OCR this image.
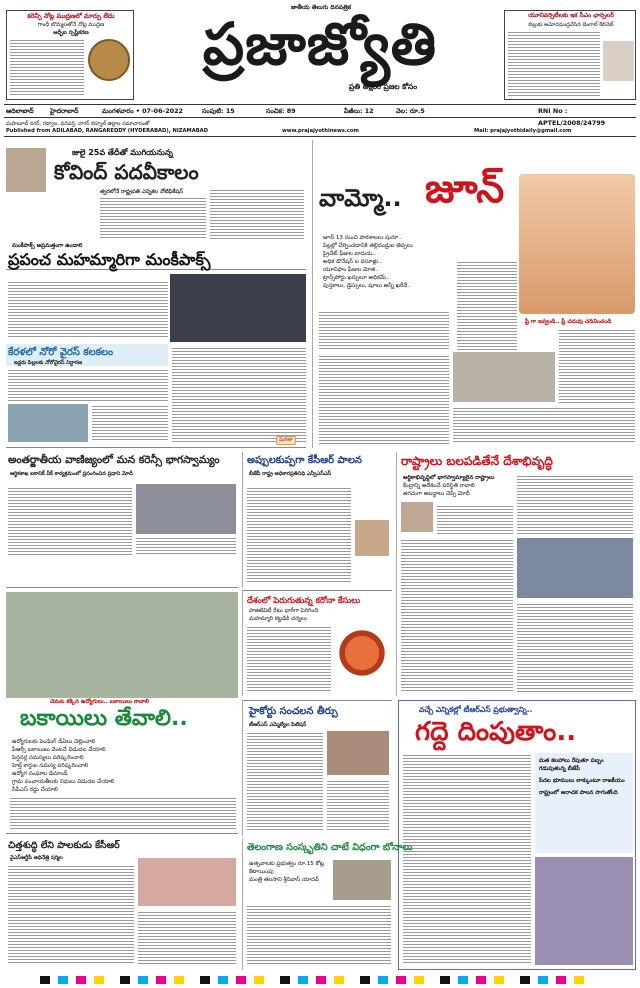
కరెన్సీ నోట్ల ముద్రణలో మార్పు లేదు
గాంధీ బొమ్మలతోనే నోట్ల ముద్రణ
ఆర్బీఐ స్పష్టీకరణ
జాతీయ తెలుగు దినపత్రిక
ప్రజాజ్యోతి
ప్రతి అక్షరం ప్రజల కోసం
యూనివర్సిటీలకు ఇక సీఎం ఛాన్సలర్
బిల్లుకు ఆమోదముద్రవేసిన బెంగాల్ కేబినెట్
ఆదిలాబాద్	హైదరాబాద్	మంగళవారం • 07-06-2022	సంపుటి: 15	సంచిక: 89	పేజీలు: 12	వెల: రూ.5	RNI No : APTEL/2008/24799
మహబూబ్ నగర్, గద్వాల, వనపర్తి, నాగర్ కర్నూల్ జిల్లాల సమాచారంతో
Published from ADILABAD, RANGAREDDY (HYDERABAD), NIZAMABAD	www.prajajyothinews.com	Mail: prajajyothidaily@gmail.com
జులై 25వ తేదీతో ముగియనున్న
కోవింద్ పదవీకాలం
త్వరలోనే రాష్ట్రపతి ఎన్నికల నోటిఫికేషన్
మంకీపాక్స్ అప్రమత్తంగా ఉండాలి
ప్రపంచ మహమ్మారిగా మంకీపాక్స్
కేరళలో నోరో వైరస్ కలకలం
ఇద్దరు పిల్లలకు నోరోవైరస్ నిర్ధారణ
మిగతా
వామ్మో.. జూన్
జూన్ 13 నుంచి పాఠశాలలు షురూ..
పిల్లల్లో చేర్పించడానికి తల్లిదండ్రుల తిప్పలు
ప్రైవేట్ ఫీజుల బాదుడు..
అధిక డొనేషన్ ల వసూళ్లు..
యూనిఫాం ఫీజుల మోత..
ట్రాన్స్‌పోర్టు ఖర్చులూ అధికమే..
పుస్తకాలు, డ్రెస్సులు, షూలు అన్నీ ఖరీదే..
ఫ్రీ గా ఇవ్వండి.. ఫ్రీ చదువు చదివించండి
అంతర్జాతీయ వాణిజ్యంలో మన కరెన్సీ భాగస్వామ్యం
ఆర్థికశాఖ ఐకానిక్ వీక్ కార్యక్రమంలో ప్రసంగించిన ప్రధాని మోదీ
అప్పులకుప్పగా కేసీఆర్ పాలన
బీజేపీ రాష్ట్ర అధికారప్రతినిధి ఎన్వీఎస్ఎస్
రాష్ట్రాలు బలపడితేనే దేశాభివృద్ధి
ఆర్థికాభివృద్ధిలో భాగస్వామ్యాలైన రాష్ట్రాలు
కేంద్రాన్ని ఆదేశించే పరిస్థితి రావాలి
తరచుగా అబద్ధాలు చెప్పే మోదీ
చెమట కక్కిన ఉద్యోగులు.. బకాయిలు రావాలి
దేశంలో పెరుగుతున్న కరోనా కేసులు
పాజిటివిటీ రేటు భారీగా పెరిగింది
మహమ్మారి కట్టడికి చర్యలు
హైకోర్టు సంచలన తీర్పు
టీఆర్ఎస్ ఎమ్మెల్యేల పిటిషన్
బకాయిలు తేవాలి..
ఉద్యోగులకు పెండింగ్ డీఏలు చెల్లించాలి
పీఆర్సీ బకాయిలు వెంటనే విడుదల చేయాలి
పెన్షనర్ల సమస్యలు పరిష్కరించాలి
హెల్త్ కార్డుల సమస్య పరిష్కరించాలి
ఉద్యోగ సంఘాల డిమాండ్
గ్రామ పంచాయతీలకు నిధులు విడుదల చేయాలి
సీపీఎస్ రద్దు చేయాలి
వచ్చే ఎన్నికల్లో టీఆర్ఎస్ ప్రభుత్వాన్ని..
గద్దె దింపుతాం..
మత కలహాలు రేపుతూ పబ్బం గడుపుతున్న బీజేపీ
పేదల భూములు లాక్కుంటూ రాజకీయం
రాష్ట్రంలో అరాచక పాలన సాగుతోంది
చిత్తశుద్ధి లేని పాలకుడు కేసీఆర్
వైఎస్ఆర్టీపీ అధినేత్రి షర్మిల
తెలంగాణ సంస్కృతిని చాటే విధంగా బోనాలు
ఉత్సవాలకు ప్రభుత్వం రూ.15 కోట్ల కేటాయింపు
మంత్రి తలసాని శ్రీనివాస్ యాదవ్
